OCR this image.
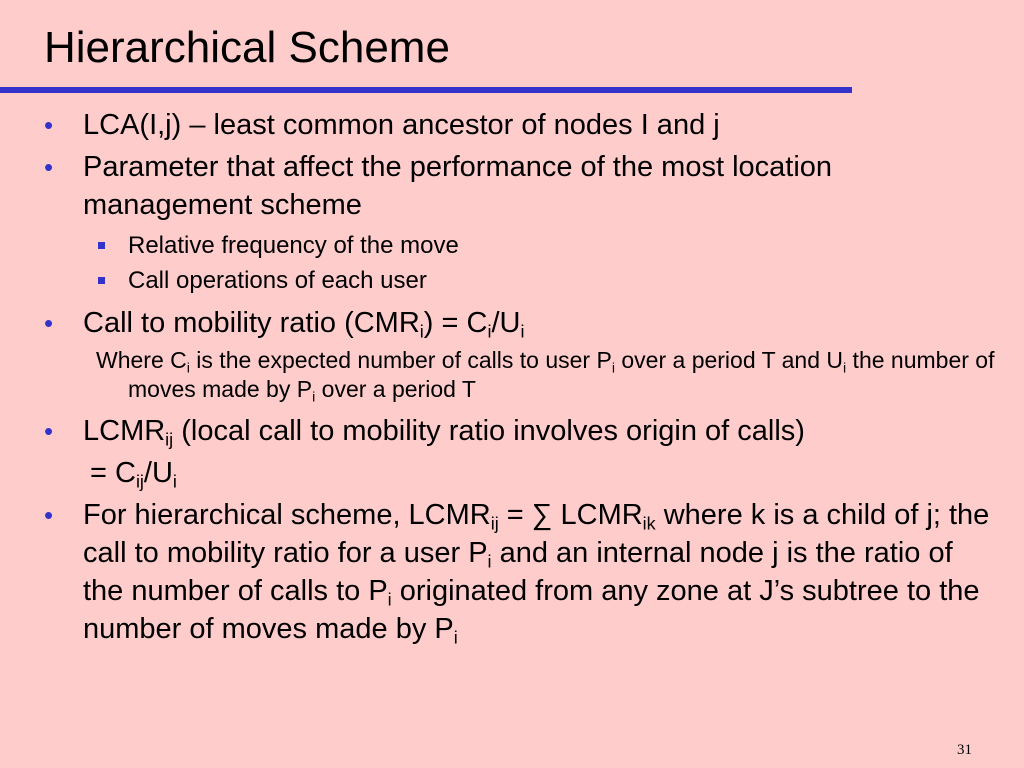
Hierarchical Scheme
• LCA(I,j) – least common ancestor of nodes I and j
• Parameter that affect the performance of the most location management scheme
Relative frequency of the move
Call operations of each user
• Call to mobility ratio $(CMR_i) = C_i/U_i$
Where $C_i$ is the expected number of calls to user $P_i$ over a period T and $U_i$ the number of moves made by $P_i$ over a period T
• $LCMR_{ij}$ (local call to mobility ratio involves origin of calls)
= $C_{ij}/U_i$
• For hierarchical scheme, $LCMR_{ij}$ = ∑ $LCMR_{ik}$ where k is a child of j; the call to mobility ratio for a user $P_i$ and an internal node j is the ratio of the number of calls to $P_i$ originated from any zone at J’s subtree to the number of moves made by $P_i$
31
